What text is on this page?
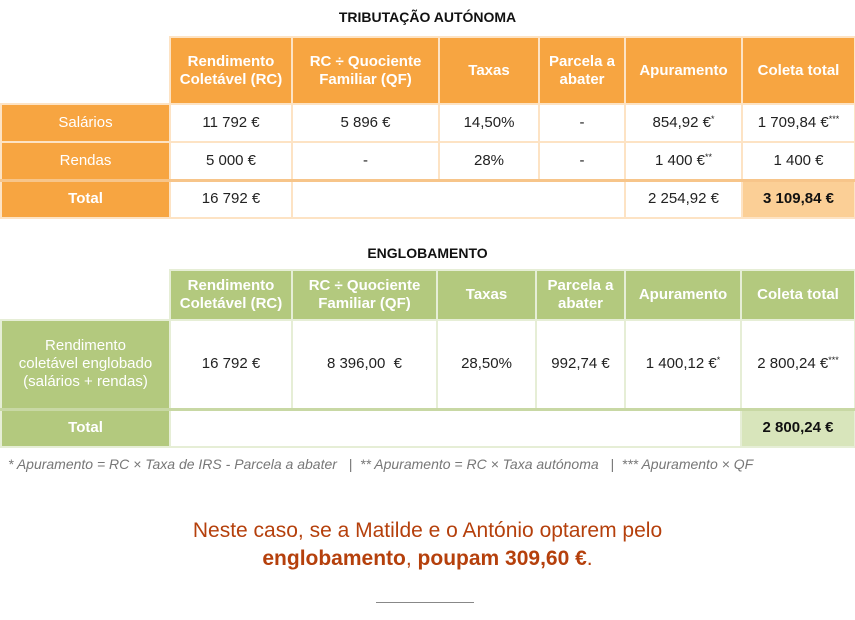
TRIBUTAÇÃO AUTÓNOMA
	Rendimento Coletável (RC)	RC ÷ Quociente Familiar (QF)	Taxas	Parcela a abater	Apuramento	Coleta total
Salários	11 792 €	5 896 €	14,50%	-	854,92 €*	1 709,84 €***
Rendas	5 000 €	-	28%	-	1 400 €**	1 400 €
Total	16 792 €				2 254,92 €	3 109,84 €
ENGLOBAMENTO
	Rendimento Coletável (RC)	RC ÷ Quociente Familiar (QF)	Taxas	Parcela a abater	Apuramento	Coleta total
Rendimento coletável englobado (salários + rendas)	16 792 €	8 396,00  €	28,50%	992,74 €	1 400,12 €*	2 800,24 €***
Total						2 800,24 €
* Apuramento = RC × Taxa de IRS - Parcela a abater   |  ** Apuramento = RC × Taxa autónoma   |  *** Apuramento × QF
Neste caso, se a Matilde e o António optarem pelo
englobamento, poupam 309,60 €.
